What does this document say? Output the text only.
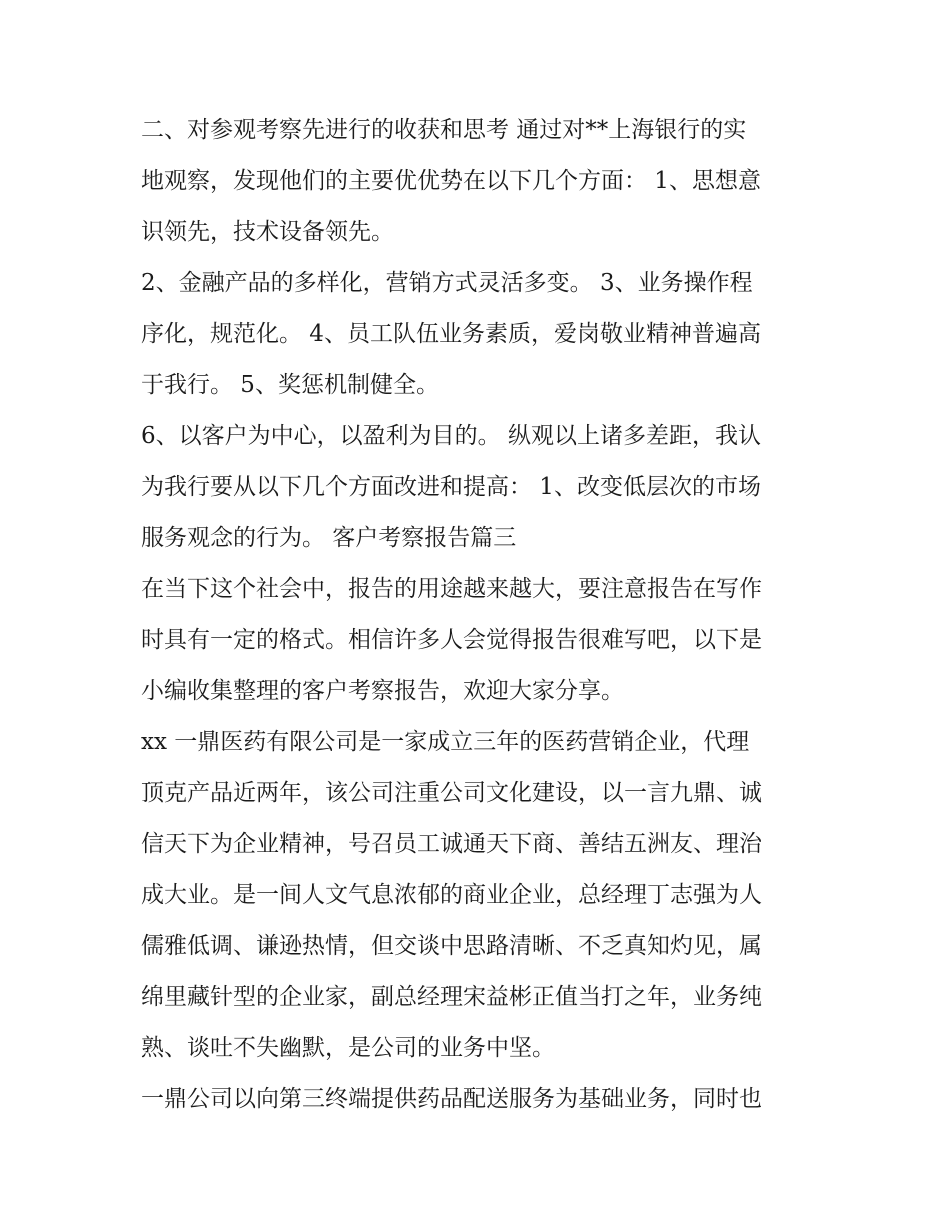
二、对参观考察先进行的收获和思考 通过对**上海银行的实
地观察，发现他们的主要优优势在以下几个方面： 1、思想意
识领先，技术设备领先。
2、金融产品的多样化，营销方式灵活多变。 3、业务操作程
序化，规范化。 4、员工队伍业务素质，爱岗敬业精神普遍高
于我行。 5、奖惩机制健全。
6、以客户为中心，以盈利为目的。 纵观以上诸多差距，我认
为我行要从以下几个方面改进和提高： 1、改变低层次的市场
服务观念的行为。 客户考察报告篇三
在当下这个社会中，报告的用途越来越大，要注意报告在写作
时具有一定的格式。相信许多人会觉得报告很难写吧，以下是
小编收集整理的客户考察报告，欢迎大家分享。
xx 一鼎医药有限公司是一家成立三年的医药营销企业，代理
顶克产品近两年，该公司注重公司文化建设，以一言九鼎、诚
信天下为企业精神，号召员工诚通天下商、善结五洲友、理治
成大业。是一间人文气息浓郁的商业企业，总经理丁志强为人
儒雅低调、谦逊热情，但交谈中思路清晰、不乏真知灼见，属
绵里藏针型的企业家，副总经理宋益彬正值当打之年，业务纯
熟、谈吐不失幽默，是公司的业务中坚。
一鼎公司以向第三终端提供药品配送服务为基础业务，同时也
